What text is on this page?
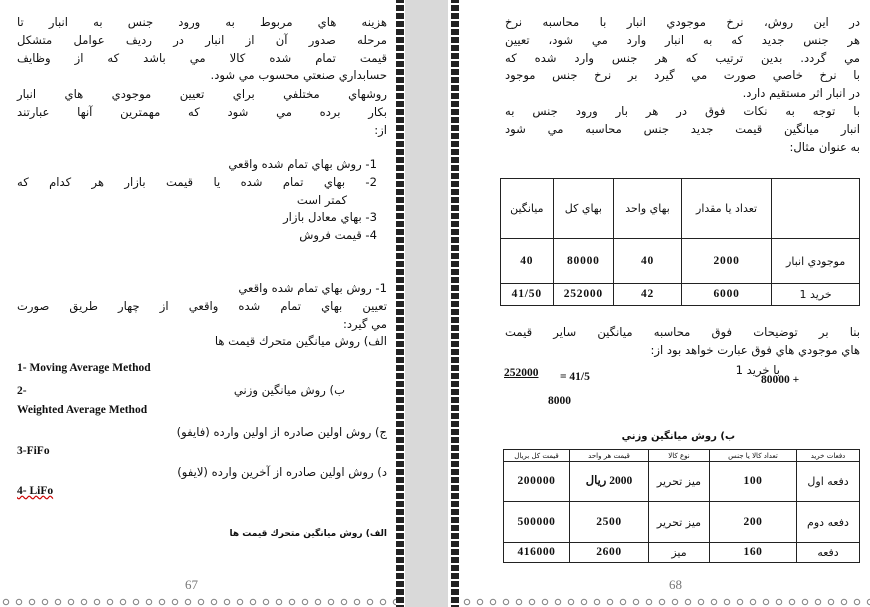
هزينه هاي مربوط به ورود جنس به انبار تا
مرحله صدور آن از انبار در رديف عوامل متشكل
قيمت تمام شده كالا مي باشد كه از وظايف
حسابداري صنعتي محسوب مي شود.
روشهاي مختلفي براي تعيين موجودي هاي انبار
بكار برده مي شود كه مهمترين آنها عبارتند
از:
1- روش بهاي تمام شده واقعي
2- بهاي تمام شده يا قيمت بازار هر كدام كه
كمتر است
3- بهاي معادل بازار
4- قيمت فروش
1- روش بهاي تمام شده واقعي
تعيين بهاي تمام شده واقعي از چهار طريق صورت
مي گيرد:
الف) روش ميانگين متحرك قيمت ها
1- Moving Average Method
ب) روش ميانگين وزني
2-
Weighted Average Method
ج) روش اولين صادره از اولين وارده (فايفو)
3-FiFo
د) روش اولين صادره از آخرين وارده (لايفو)
4- LiFo
الف) روش ميانگين متحرك قيمت ها
67
در اين روش، نرخ موجودي انبار با محاسبه نرخ
هر جنس جديد كه به انبار وارد مي شود، تعيين
مي گردد. بدين ترتيب كه هر جنس وارد شده كه
با نرخ خاصي صورت مي گيرد بر نرخ جنس موجود
در انبار اثر مستقيم دارد.
با توجه به نكات فوق در هر بار ورود جنس به
انبار ميانگين قيمت جديد جنس محاسبه مي شود
به عنوان مثال:
	تعداد يا مقدار	بهاي واحد	بهاي كل	ميانگين
موجودي انبار	2000	40	80000	40
خريد 1	6000	42	252000	41/50
بنا بر توضيحات فوق محاسبه ميانگين ساير قيمت
هاي موجودي هاي فوق عبارت خواهد بود از:
با خريد 1
80000 +
252000 = 41/5
8000
ب) روش ميانگين وزني
دفعات خريد	تعداد كالا يا جنس	نوع كالا	قيمت هر واحد	قيمت كل بريال
دفعه اول	100	ميز تحرير	2000 ريال	200000
دفعه دوم	200	ميز تحرير	2500	500000
دفعه	160	ميز	2600	416000
68
